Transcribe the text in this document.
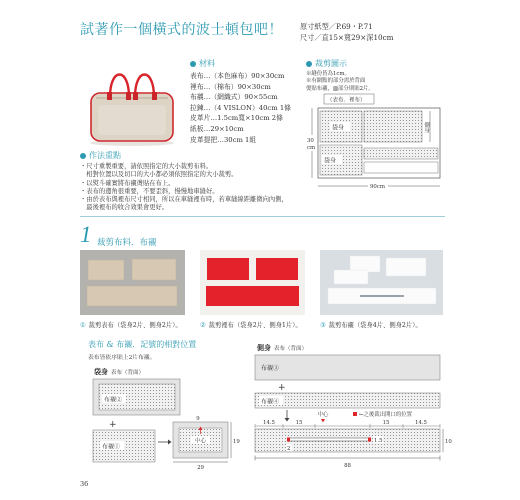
試著作一個橫式的波士頓包吧！ 原寸紙型／P.69・P.71
尺寸／直15×寬29×深10cm
材料
表布…（本色麻布）90×30cm
裡布…（棉布）90×30cm
布襯…（網織式）90×55cm
拉鍊…（4 VISLON）40cm 1條
皮革片…1.5cm寬×10cm 2條
紙板…29×10cm
皮革提把…30cm 1組
裁剪圖示
※縫份皆為1cm。
※有網點的部分需於背面
燙貼布襯，▨部分則貼2片。
（表布．裡布）
袋身	側身
袋身
30
cm
90cm
作法重點
・尺寸重製重要，請依照指定的大小裁剪布料。
　相對位置以及切口的大小都必須依照指定的大小裁剪。
・以熨斗確實將布襯燙貼在布上。
・表布的邊角很重要，不要歪斜，慢慢地車縫好。
・由於表布與裡布尺寸相同，所以在車縫裡布時，若車縫線距離微向內側，
　最後裡布的收合效果會更好。
1 裁剪布料．布襯
① 裁剪表布（袋身2片、側身2片）。	② 裁剪裡布（袋身2片、側身1片）。	③ 裁剪布襯（袋身4片、側身2片）。
表布 & 布襯．記號的相對位置
表布皆依序貼上2片布襯。
袋身 表布（背面）
布襯②
+
布襯①
9
中心	19
29
側身 表布（背面）
布襯③
+
布襯④
中心	←之後裁出開口的位置
14.5	15	15	14.5
1.5
2
10
88
36
